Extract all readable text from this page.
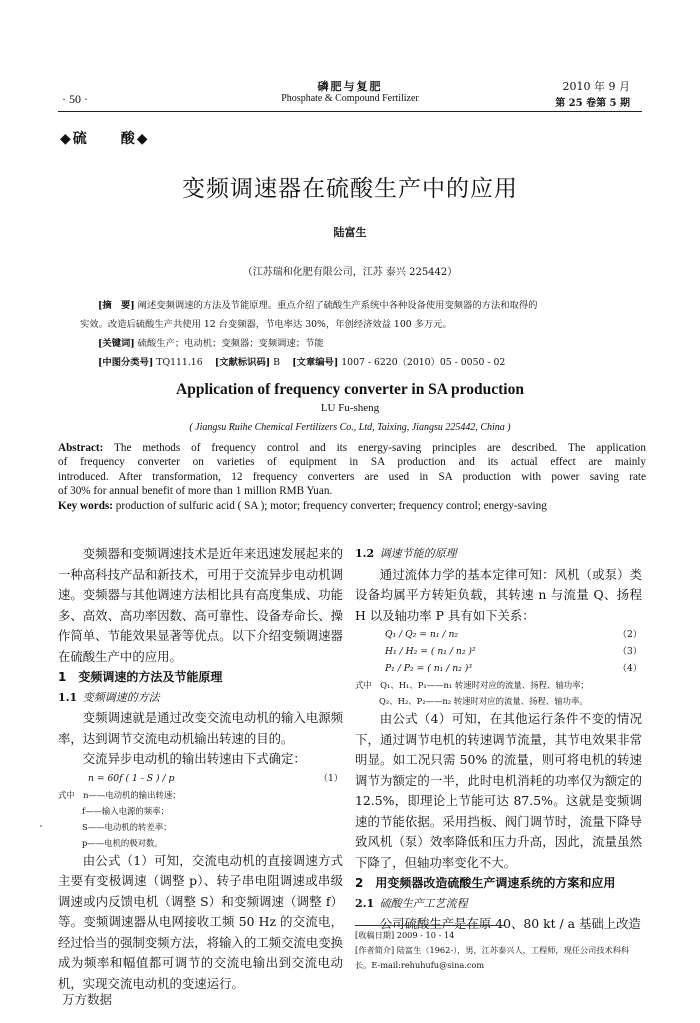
磷肥与复肥
Phosphate & Compound Fertilizer
· 50 ·
2010 年 9 月
第 25 卷第 5 期
◆硫　　酸◆
变频调速器在硫酸生产中的应用
陆富生
（江苏瑞和化肥有限公司，江苏 泰兴 225442）
[摘　要] 阐述变频调速的方法及节能原理。重点介绍了硫酸生产系统中各种设备使用变频器的方法和取得的
实效。改造后硫酸生产共使用 12 台变频器，节电率达 30%，年创经济效益 100 多万元。
[关键词] 硫酸生产；电动机；变频器；变频调速；节能
[中图分类号] TQ111.16   [文献标识码] B   [文章编号] 1007 - 6220（2010）05 - 0050 - 02
Application of frequency converter in SA production
LU Fu-sheng
( Jiangsu Ruihe Chemical Fertilizers Co., Ltd, Taixing, Jiangsu 225442, China )
Abstract: The methods of frequency control and its energy-saving principles are described. The application
of frequency converter on varieties of equipment in SA production and its actual effect are mainly
introduced. After transformation, 12 frequency converters are used in SA production with power saving rate
of 30% for annual benefit of more than 1 million RMB Yuan.
Key words: production of sulfuric acid ( SA ); motor; frequency converter; frequency control; energy-saving

变频器和变频调速技术是近年来迅速发展起来的一种高科技产品和新技术，可用于交流异步电动机调速。变频器与其他调速方法相比具有高度集成、功能多、高效、高功率因数、高可靠性、设备寿命长、操作简单、节能效果显著等优点。以下介绍变频调速器在硫酸生产中的应用。

1　变频调速的方法及节能原理

1.1  变频调速的方法

变频调速就是通过改变交流电动机的输入电源频率，达到调节交流电动机输出转速的目的。

交流异步电动机的输出转速由下式确定：

n = 60f ( 1 - S ) / p	（1）
式中  n——电动机的输出转速；
f——输入电源的频率；
S——电动机的转差率；
p——电机的极对数。

由公式（1）可知，交流电动机的直接调速方式主要有变极调速（调整 p）、转子串电阻调速或串级调速或内反馈电机（调整 S）和变频调速（调整 f）等。变频调速器从电网接收工频 50 Hz 的交流电，经过恰当的强制变频方法，将输入的工频交流电变换成为频率和幅值都可调节的交流电输出到交流电动机，实现交流电动机的变速运行。

1.2  调速节能的原理

通过流体力学的基本定律可知：风机（或泵）类设备均属平方转矩负载，其转速 n 与流量 Q、扬程 H 以及轴功率 P 具有如下关系：

Q₁ / Q₂ = n₁ / n₂	（2）
H₁ / H₂ = ( n₁ / n₂ )²	（3）
P₁ / P₂ = ( n₁ / n₂ )³	（4）
式中　Q₁、H₁、P₁——n₁ 转速时对应的流量、扬程、轴功率；
Q₂、H₂、P₂——n₂ 转速时对应的流量、扬程、轴功率。

由公式（4）可知，在其他运行条件不变的情况下，通过调节电机的转速调节流量，其节电效果非常明显。如工况只需 50% 的流量，则可将电机的转速调节为额定的一半，此时电机消耗的功率仅为额定的 12.5%，即理论上节能可达 87.5%。这就是变频调速的节能依据。采用挡板、阀门调节时，流量下降导致风机（泵）效率降低和压力升高，因此，流量虽然下降了，但轴功率变化不大。

2　用变频器改造硫酸生产调速系统的方案和应用

2.1  硫酸生产工艺流程

公司硫酸生产是在原 40、80 kt / a 基础上改造

[收稿日期] 2009 - 10 - 14
[作者简介] 陆富生（1962-），男，江苏泰兴人，工程师，现任公司技术科科长。E-mail:rehuhufu@sina.com
万方数据
